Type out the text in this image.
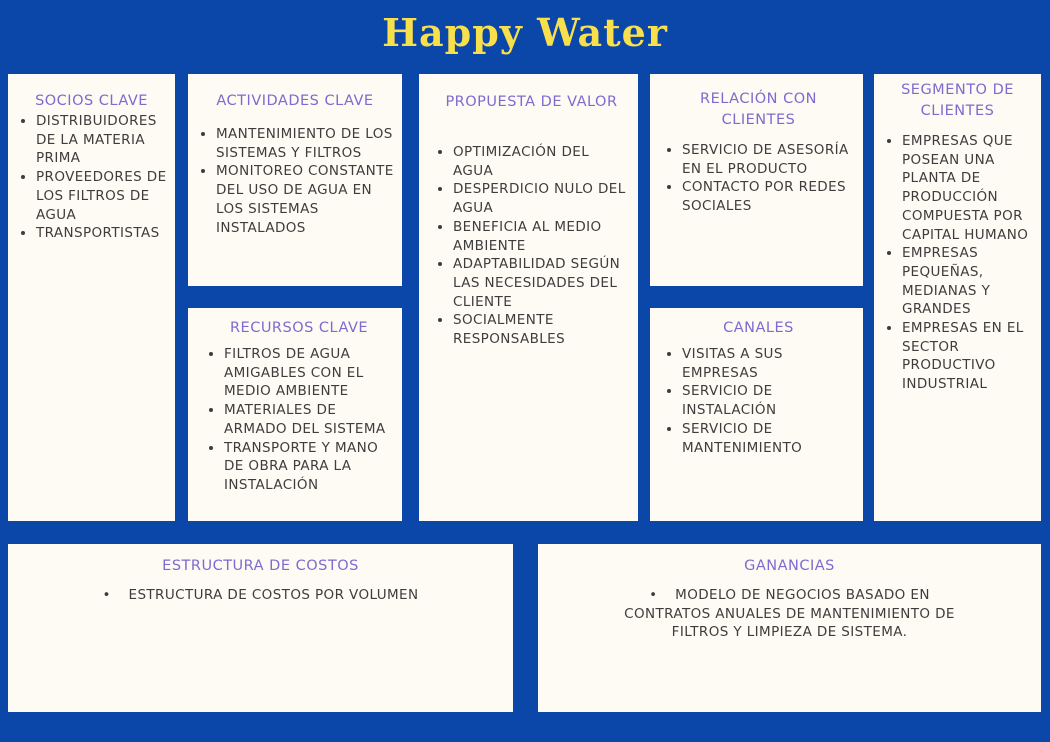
Happy Water
SOCIOS CLAVE
• DISTRIBUIDORES DE LA MATERIA PRIMA
• PROVEEDORES DE LOS FILTROS DE AGUA
• TRANSPORTISTAS
ACTIVIDADES CLAVE
• MANTENIMIENTO DE LOS SISTEMAS Y FILTROS
• MONITOREO CONSTANTE DEL USO DE AGUA EN LOS SISTEMAS INSTALADOS
RECURSOS CLAVE
• FILTROS DE AGUA AMIGABLES CON EL MEDIO AMBIENTE
• MATERIALES DE ARMADO DEL SISTEMA
• TRANSPORTE Y MANO DE OBRA PARA LA INSTALACIÓN
PROPUESTA DE VALOR
• OPTIMIZACIÓN DEL AGUA
• DESPERDICIO NULO DEL AGUA
• BENEFICIA AL MEDIO AMBIENTE
• ADAPTABILIDAD SEGÚN LAS NECESIDADES DEL CLIENTE
• SOCIALMENTE RESPONSABLES
RELACIÓN CON CLIENTES
• SERVICIO DE ASESORÍA EN EL PRODUCTO
• CONTACTO POR REDES SOCIALES
CANALES
• VISITAS A SUS EMPRESAS
• SERVICIO DE INSTALACIÓN
• SERVICIO DE MANTENIMIENTO
SEGMENTO DE CLIENTES
• EMPRESAS QUE POSEAN UNA PLANTA DE PRODUCCIÓN COMPUESTA POR CAPITAL HUMANO
• EMPRESAS PEQUEÑAS, MEDIANAS Y GRANDES
• EMPRESAS EN EL SECTOR PRODUCTIVO INDUSTRIAL
ESTRUCTURA DE COSTOS
• ESTRUCTURA DE COSTOS POR VOLUMEN
GANANCIAS
• MODELO DE NEGOCIOS BASADO EN CONTRATOS ANUALES DE MANTENIMIENTO DE FILTROS Y LIMPIEZA DE SISTEMA.
